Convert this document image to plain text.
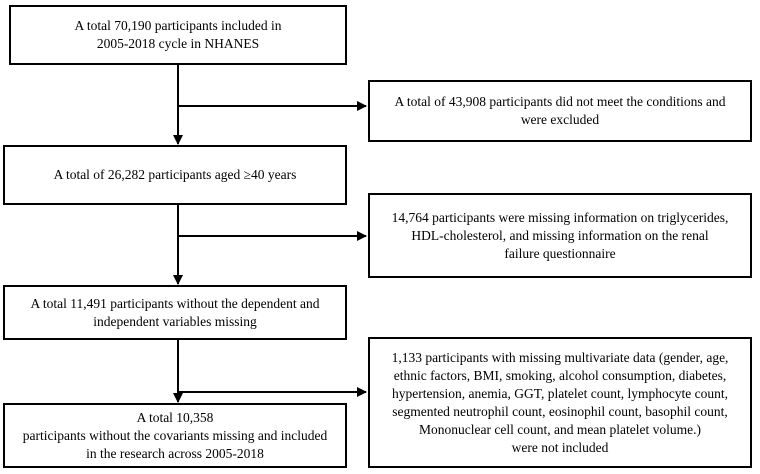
A total 70,190 participants included in
2005-2018 cycle in NHANES
A total of 26,282 participants aged ≥40 years
A total 11,491 participants without the dependent and
independent variables missing
A total 10,358
participants without the covariants missing and included
in the research across 2005-2018
A total of 43,908 participants did not meet the conditions and
were excluded
14,764 participants were missing information on triglycerides,
HDL-cholesterol, and missing information on the renal
failure questionnaire
1,133 participants with missing multivariate data (gender, age,
ethnic factors, BMI, smoking, alcohol consumption, diabetes,
hypertension, anemia, GGT, platelet count, lymphocyte count,
segmented neutrophil count, eosinophil count, basophil count,
Mononuclear cell count, and mean platelet volume.)
were not included
